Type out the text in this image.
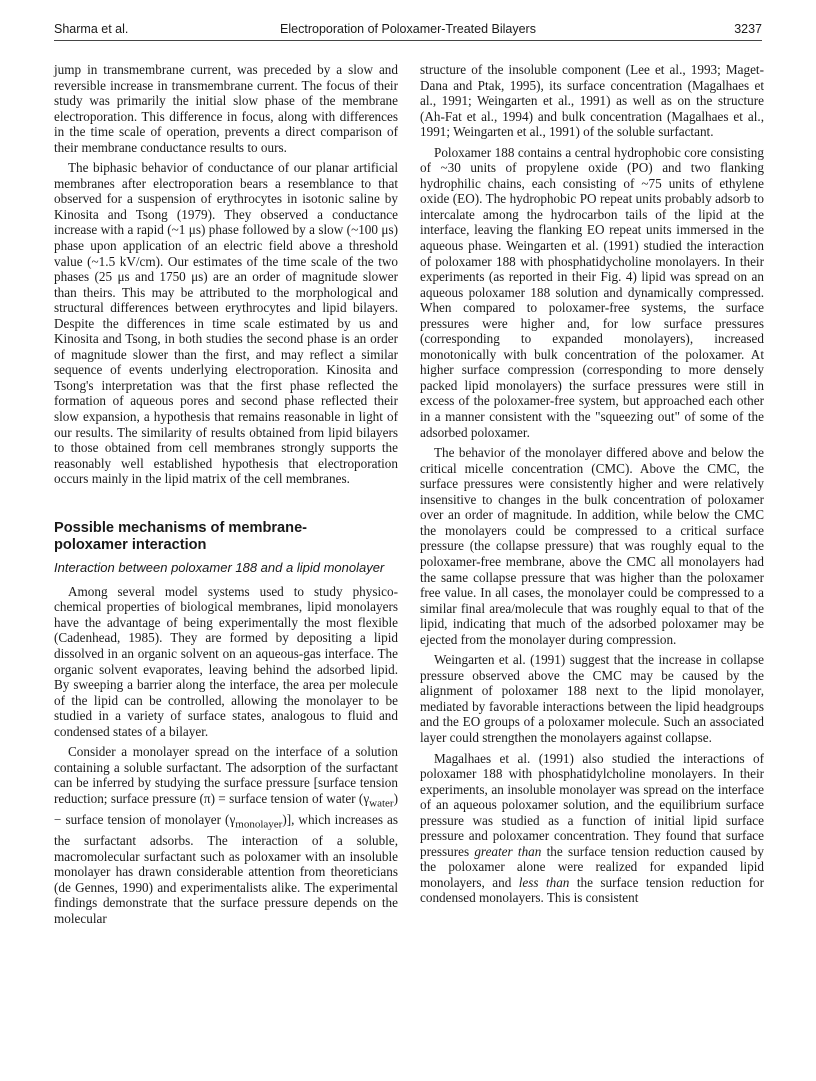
Sharma et al.	Electroporation of Poloxamer-Treated Bilayers	3237

jump in transmembrane current, was preceded by a slow and reversible increase in transmembrane current. The focus of their study was primarily the initial slow phase of the membrane electroporation. This difference in focus, along with differences in the time scale of operation, prevents a direct comparison of their membrane conductance results to ours.

The biphasic behavior of conductance of our planar artificial membranes after electroporation bears a resemblance to that observed for a suspension of erythrocytes in isotonic saline by Kinosita and Tsong (1979). They observed a conductance increase with a rapid (~1 μs) phase followed by a slow (~100 μs) phase upon application of an electric field above a threshold value (~1.5 kV/cm). Our estimates of the time scale of the two phases (25 μs and 1750 μs) are an order of magnitude slower than theirs. This may be attributed to the morphological and structural differences between erythrocytes and lipid bilayers. Despite the differences in time scale estimated by us and Kinosita and Tsong, in both studies the second phase is an order of magnitude slower than the first, and may reflect a similar sequence of events underlying electroporation. Kinosita and Tsong's interpretation was that the first phase reflected the formation of aqueous pores and second phase reflected their slow expansion, a hypothesis that remains reasonable in light of our results. The similarity of results obtained from lipid bilayers to those obtained from cell membranes strongly supports the reasonably well established hypothesis that electroporation occurs mainly in the lipid matrix of the cell membranes.

Possible mechanisms of membrane-
poloxamer interaction
Interaction between poloxamer 188 and a lipid monolayer

Among several model systems used to study physico-chemical properties of biological membranes, lipid monolayers have the advantage of being experimentally the most flexible (Cadenhead, 1985). They are formed by depositing a lipid dissolved in an organic solvent on an aqueous-gas interface. The organic solvent evaporates, leaving behind the adsorbed lipid. By sweeping a barrier along the interface, the area per molecule of the lipid can be controlled, allowing the monolayer to be studied in a variety of surface states, analogous to fluid and condensed states of a bilayer.

Consider a monolayer spread on the interface of a solution containing a soluble surfactant. The adsorption of the surfactant can be inferred by studying the surface pressure [surface tension reduction; surface pressure (π) = surface tension of water $(\gamma_{water})$ − surface tension of monolayer $(\gamma_{monolayer})$], which increases as the surfactant adsorbs. The interaction of a soluble, macromolecular surfactant such as poloxamer with an insoluble monolayer has drawn considerable attention from theoreticians (de Gennes, 1990) and experimentalists alike. The experimental findings demonstrate that the surface pressure depends on the molecular

structure of the insoluble component (Lee et al., 1993; Maget-Dana and Ptak, 1995), its surface concentration (Magalhaes et al., 1991; Weingarten et al., 1991) as well as on the structure (Ah-Fat et al., 1994) and bulk concentration (Magalhaes et al., 1991; Weingarten et al., 1991) of the soluble surfactant.

Poloxamer 188 contains a central hydrophobic core consisting of ~30 units of propylene oxide (PO) and two flanking hydrophilic chains, each consisting of ~75 units of ethylene oxide (EO). The hydrophobic PO repeat units probably adsorb to intercalate among the hydrocarbon tails of the lipid at the interface, leaving the flanking EO repeat units immersed in the aqueous phase. Weingarten et al. (1991) studied the interaction of poloxamer 188 with phosphatidycholine monolayers. In their experiments (as reported in their Fig. 4) lipid was spread on an aqueous poloxamer 188 solution and dynamically compressed. When compared to poloxamer-free systems, the surface pressures were higher and, for low surface pressures (corresponding to expanded monolayers), increased monotonically with bulk concentration of the poloxamer. At higher surface compression (corresponding to more densely packed lipid monolayers) the surface pressures were still in excess of the poloxamer-free system, but approached each other in a manner consistent with the "squeezing out" of some of the adsorbed poloxamer.

The behavior of the monolayer differed above and below the critical micelle concentration (CMC). Above the CMC, the surface pressures were consistently higher and were relatively insensitive to changes in the bulk concentration of poloxamer over an order of magnitude. In addition, while below the CMC the monolayers could be compressed to a critical surface pressure (the collapse pressure) that was roughly equal to the poloxamer-free membrane, above the CMC all monolayers had the same collapse pressure that was higher than the poloxamer free value. In all cases, the monolayer could be compressed to a similar final area/molecule that was roughly equal to that of the lipid, indicating that much of the adsorbed poloxamer may be ejected from the monolayer during compression.

Weingarten et al. (1991) suggest that the increase in collapse pressure observed above the CMC may be caused by the alignment of poloxamer 188 next to the lipid monolayer, mediated by favorable interactions between the lipid headgroups and the EO groups of a poloxamer molecule. Such an associated layer could strengthen the monolayers against collapse.

Magalhaes et al. (1991) also studied the interactions of poloxamer 188 with phosphatidylcholine monolayers. In their experiments, an insoluble monolayer was spread on the interface of an aqueous poloxamer solution, and the equilibrium surface pressure was studied as a function of initial lipid surface pressure and poloxamer concentration. They found that surface pressures greater than the surface tension reduction caused by the poloxamer alone were realized for expanded lipid monolayers, and less than the surface tension reduction for condensed monolayers. This is consistent
